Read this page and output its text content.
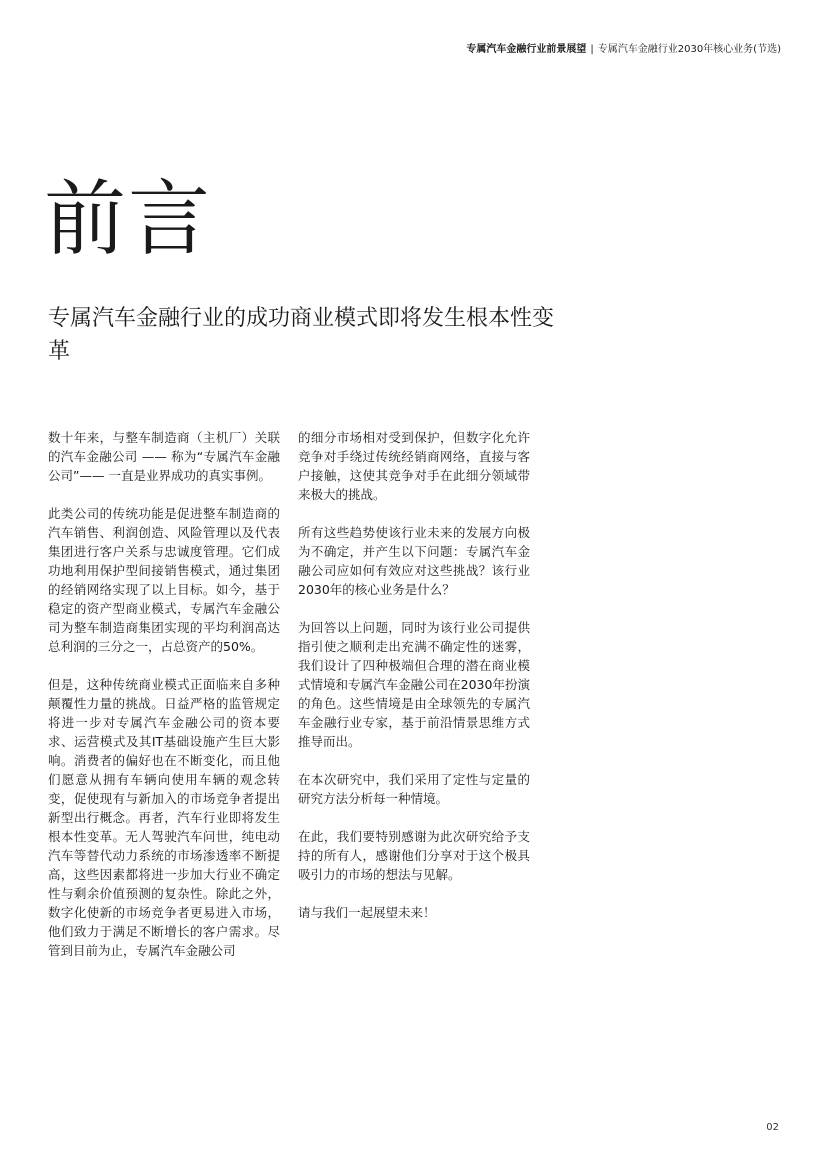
专属汽车金融行业前景展望 | 专属汽车金融行业2030年核心业务(节选)
前言
专属汽车金融行业的成功商业模式即将发生根本性变革

数十年来，与整车制造商（主机厂）关联的汽车金融公司 —— 称为“专属汽车金融公司”—— 一直是业界成功的真实事例。

此类公司的传统功能是促进整车制造商的汽车销售、利润创造、风险管理以及代表集团进行客户关系与忠诚度管理。它们成功地利用保护型间接销售模式，通过集团的经销网络实现了以上目标。如今，基于稳定的资产型商业模式，专属汽车金融公司为整车制造商集团实现的平均利润高达总利润的三分之一，占总资产的50%。

但是，这种传统商业模式正面临来自多种颠覆性力量的挑战。日益严格的监管规定将进一步对专属汽车金融公司的资本要求、运营模式及其IT基础设施产生巨大影响。消费者的偏好也在不断变化，而且他们愿意从拥有车辆向使用车辆的观念转变，促使现有与新加入的市场竞争者提出新型出行概念。再者，汽车行业即将发生根本性变革。无人驾驶汽车问世，纯电动汽车等替代动力系统的市场渗透率不断提高，这些因素都将进一步加大行业不确定性与剩余价值预测的复杂性。除此之外，数字化使新的市场竞争者更易进入市场，他们致力于满足不断增长的客户需求。尽管到目前为止，专属汽车金融公司

的细分市场相对受到保护，但数字化允许竞争对手绕过传统经销商网络，直接与客户接触，这使其竞争对手在此细分领域带来极大的挑战。

所有这些趋势使该行业未来的发展方向极为不确定，并产生以下问题：专属汽车金融公司应如何有效应对这些挑战？该行业2030年的核心业务是什么？

为回答以上问题，同时为该行业公司提供指引使之顺利走出充满不确定性的迷雾，我们设计了四种极端但合理的潜在商业模式情境和专属汽车金融公司在2030年扮演的角色。这些情境是由全球领先的专属汽车金融行业专家，基于前沿情景思维方式推导而出。

在本次研究中，我们采用了定性与定量的研究方法分析每一种情境。

在此，我们要特别感谢为此次研究给予支持的所有人，感谢他们分享对于这个极具吸引力的市场的想法与见解。

请与我们一起展望未来！

02
